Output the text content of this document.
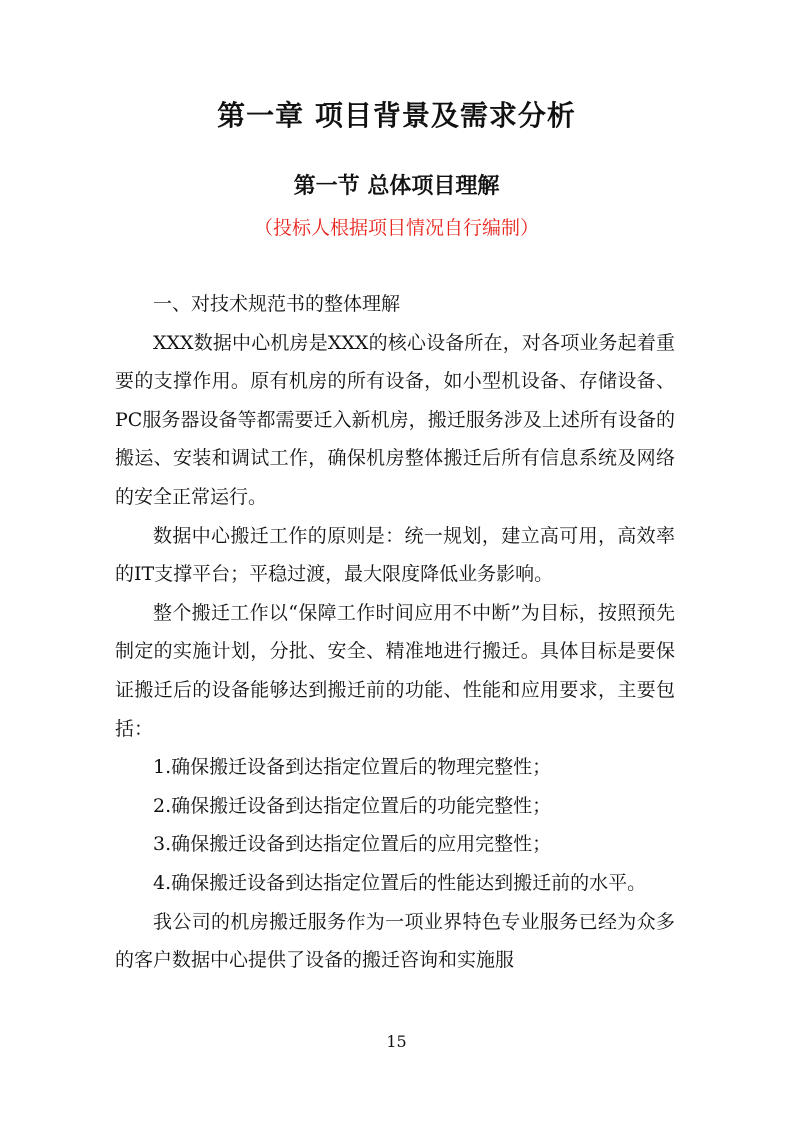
第一章 项目背景及需求分析
第一节 总体项目理解
（投标人根据项目情况自行编制）

一、对技术规范书的整体理解

XXX数据中心机房是XXX的核心设备所在，对各项业务起着重要的支撑作用。原有机房的所有设备，如小型机设备、存储设备、PC服务器设备等都需要迁入新机房，搬迁服务涉及上述所有设备的搬运、安装和调试工作，确保机房整体搬迁后所有信息系统及网络的安全正常运行。

数据中心搬迁工作的原则是：统一规划，建立高可用，高效率的IT支撑平台；平稳过渡，最大限度降低业务影响。

整个搬迁工作以“保障工作时间应用不中断”为目标，按照预先制定的实施计划，分批、安全、精准地进行搬迁。具体目标是要保证搬迁后的设备能够达到搬迁前的功能、性能和应用要求，主要包括：

1.确保搬迁设备到达指定位置后的物理完整性；

2.确保搬迁设备到达指定位置后的功能完整性；

3.确保搬迁设备到达指定位置后的应用完整性；

4.确保搬迁设备到达指定位置后的性能达到搬迁前的水平。

我公司的机房搬迁服务作为一项业界特色专业服务已经为众多的客户数据中心提供了设备的搬迁咨询和实施服

15
